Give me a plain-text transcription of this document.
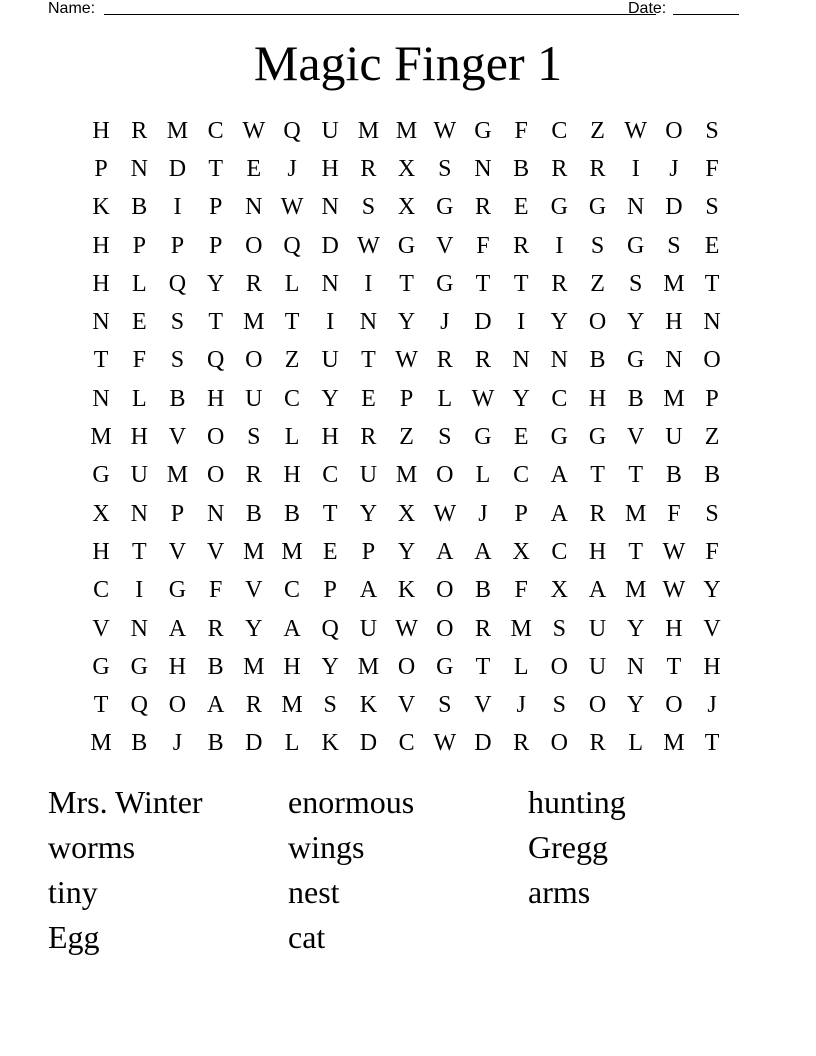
Name:	Date:
Magic Finger 1
H R M C W Q U M M W G F C Z W O S
P N D T E	J	H R X S N B R R	I	J	F
K B	I	P N W N S X G R E G G N D S
H P	P	P O Q D W G V F R	I	S G S	E
H L Q Y R L N	I	T G T T R Z	S M T
N E	S	T M T	I	N Y	J	D	I	Y O Y H N
T	F	S Q O Z U T W R R N N B G N O
N L B H U C Y E	P	L W Y C H B M P
M H V O S	L H R Z	S G E G G V U Z
G U M O R H C U M O L C A T T B B
X N P N B B T Y X W J	P A R M F	S
H T V V M M E	P Y A A X C H T W F
C	I	G F V C P A K O B F X A M W Y
V N A R Y A Q U W O R M S U Y H V
G G H B M H Y M O G T L O U N T H
T Q O A R M S K V S V	J	S O Y O	J
M B	J	B D L K D C W D R O R L M T
Mrs. Winter	enormous	hunting
worms	wings	Gregg
tiny	nest	arms
Egg	cat
